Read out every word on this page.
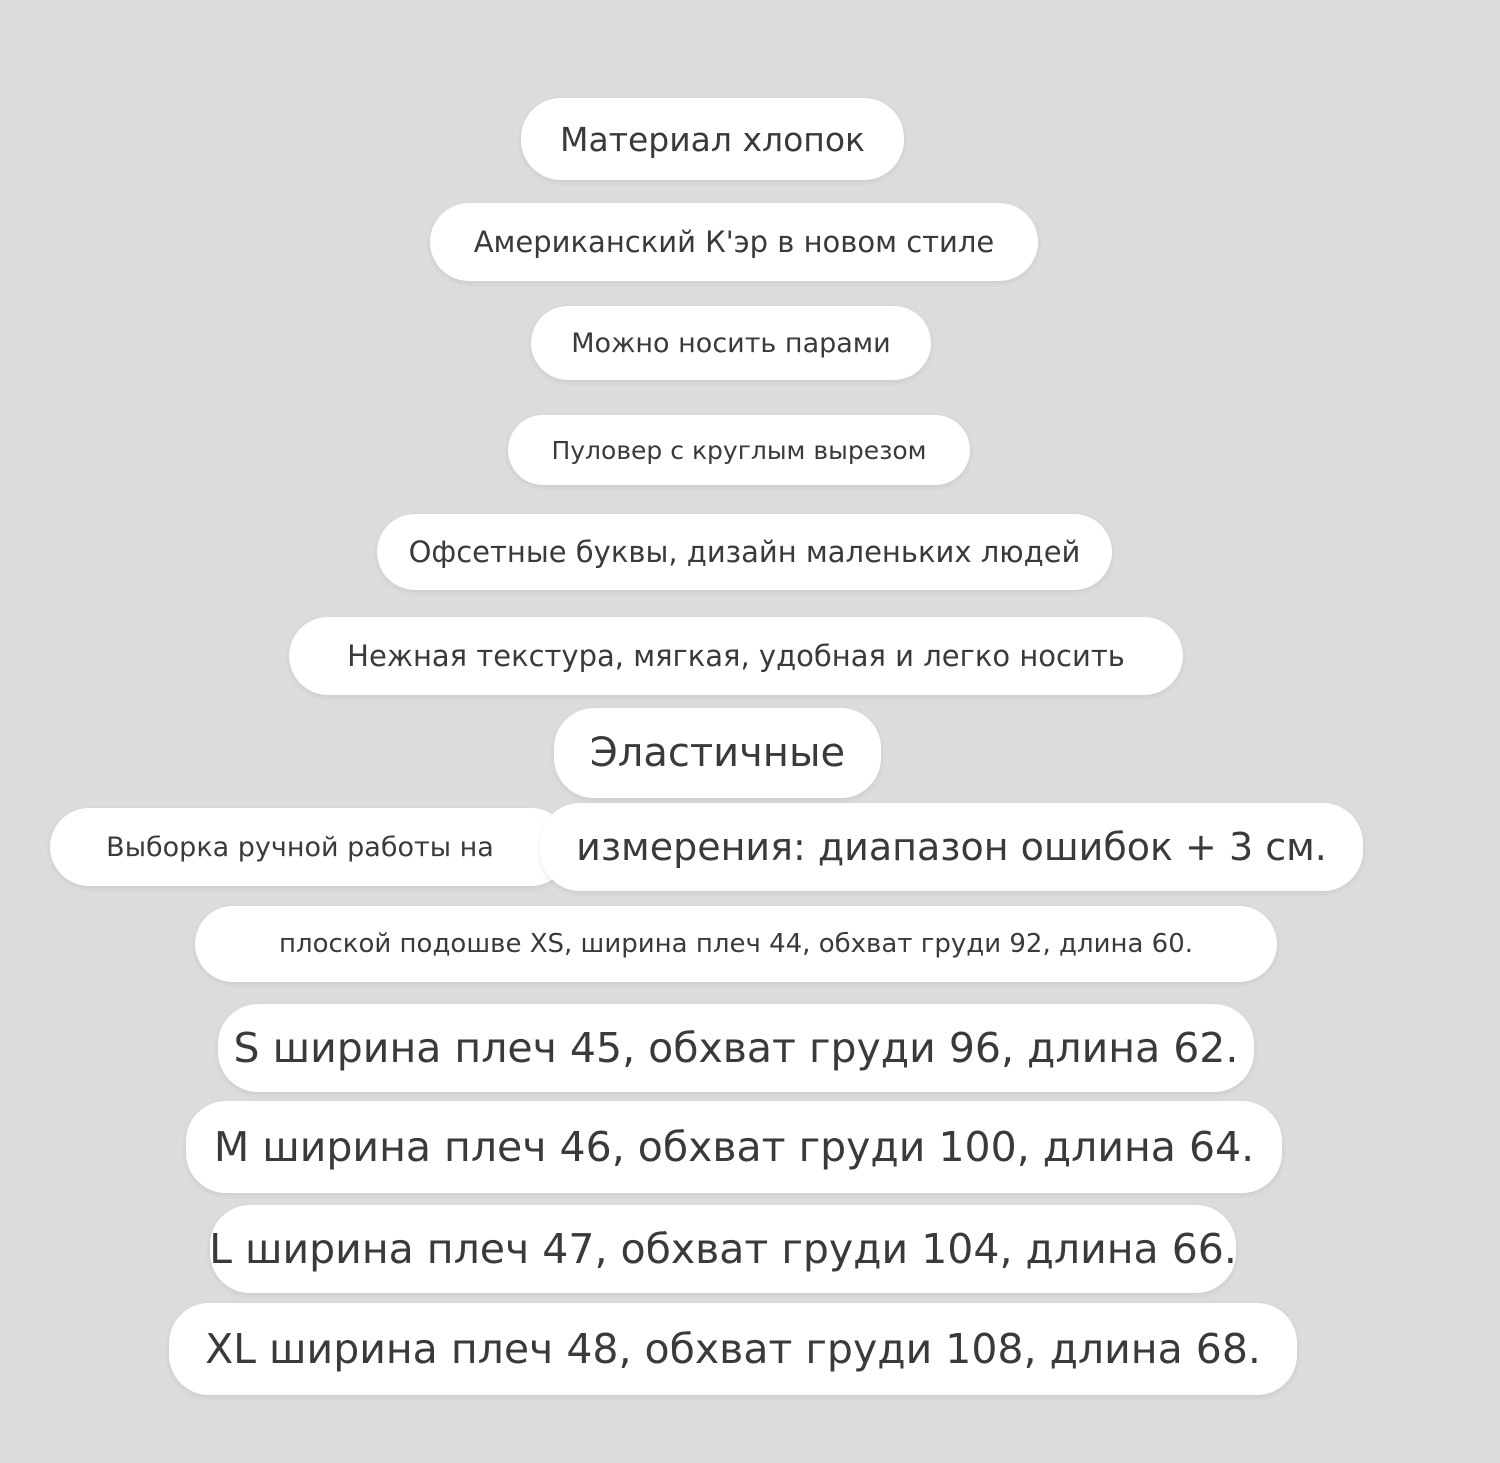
Материал хлопок
Американский К'эр в новом стиле
Можно носить парами
Пуловер с круглым вырезом
Офсетные буквы, дизайн маленьких людей
Нежная текстура, мягкая, удобная и легко носить
Эластичные
Выборка ручной работы на	измерения: диапазон ошибок + 3 см.
плоской подошве XS, ширина плеч 44, обхват груди 92, длина 60.
S ширина плеч 45, обхват груди 96, длина 62.
M ширина плеч 46, обхват груди 100, длина 64.
L ширина плеч 47, обхват груди 104, длина 66.
XL ширина плеч 48, обхват груди 108, длина 68.
